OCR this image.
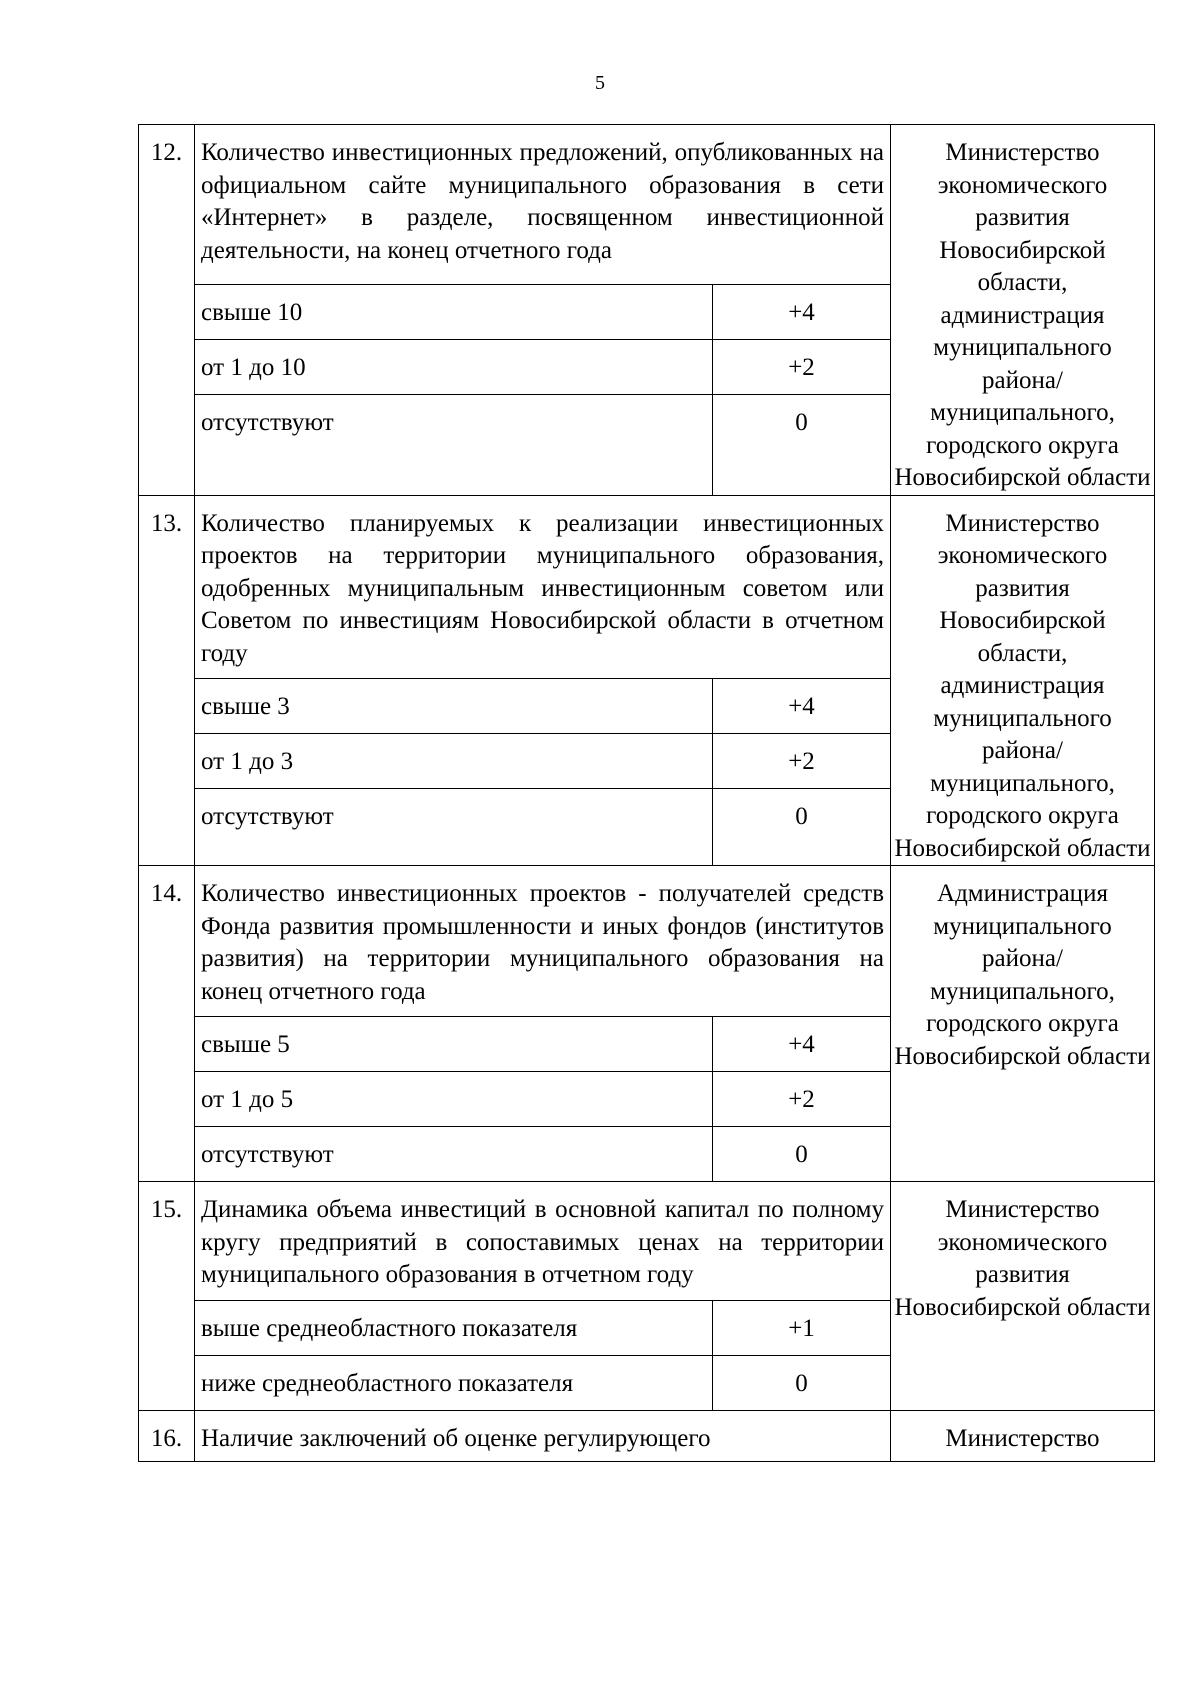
5
12.	Количество инвестиционных предложений, опубликованных на официальном сайте муниципального образования в сети «Интернет» в разделе, посвященном инвестиционной деятельности, на конец отчетного года		Министерство экономического развития Новосибирской области, администрация муниципального района/муниципального, городского округа Новосибирской области
	свыше 10	+4	
	от 1 до 10	+2	
	отсутствуют	0	
13.	Количество планируемых к реализации инвестиционных проектов на территории муниципального образования, одобренных муниципальным инвестиционным советом или Советом по инвестициям Новосибирской области в отчетном году		Министерство экономического развития Новосибирской области, администрация муниципального района/муниципального, городского округа Новосибирской области
	свыше 3	+4	
	от 1 до 3	+2	
	отсутствуют	0	
14.	Количество инвестиционных проектов - получателей средств Фонда развития промышленности и иных фондов (институтов развития) на территории муниципального образования на конец отчетного года		Администрация муниципального района/муниципального, городского округа Новосибирской области
	свыше 5	+4	
	от 1 до 5	+2	
	отсутствуют	0	
15.	Динамика объема инвестиций в основной капитал по полному кругу предприятий в сопоставимых ценах на территории муниципального образования в отчетном году		Министерство экономического развития Новосибирской области
	выше среднеобластного показателя	+1	
	ниже среднеобластного показателя	0	
16.	Наличие заключений об оценке регулирующего		Министерство
